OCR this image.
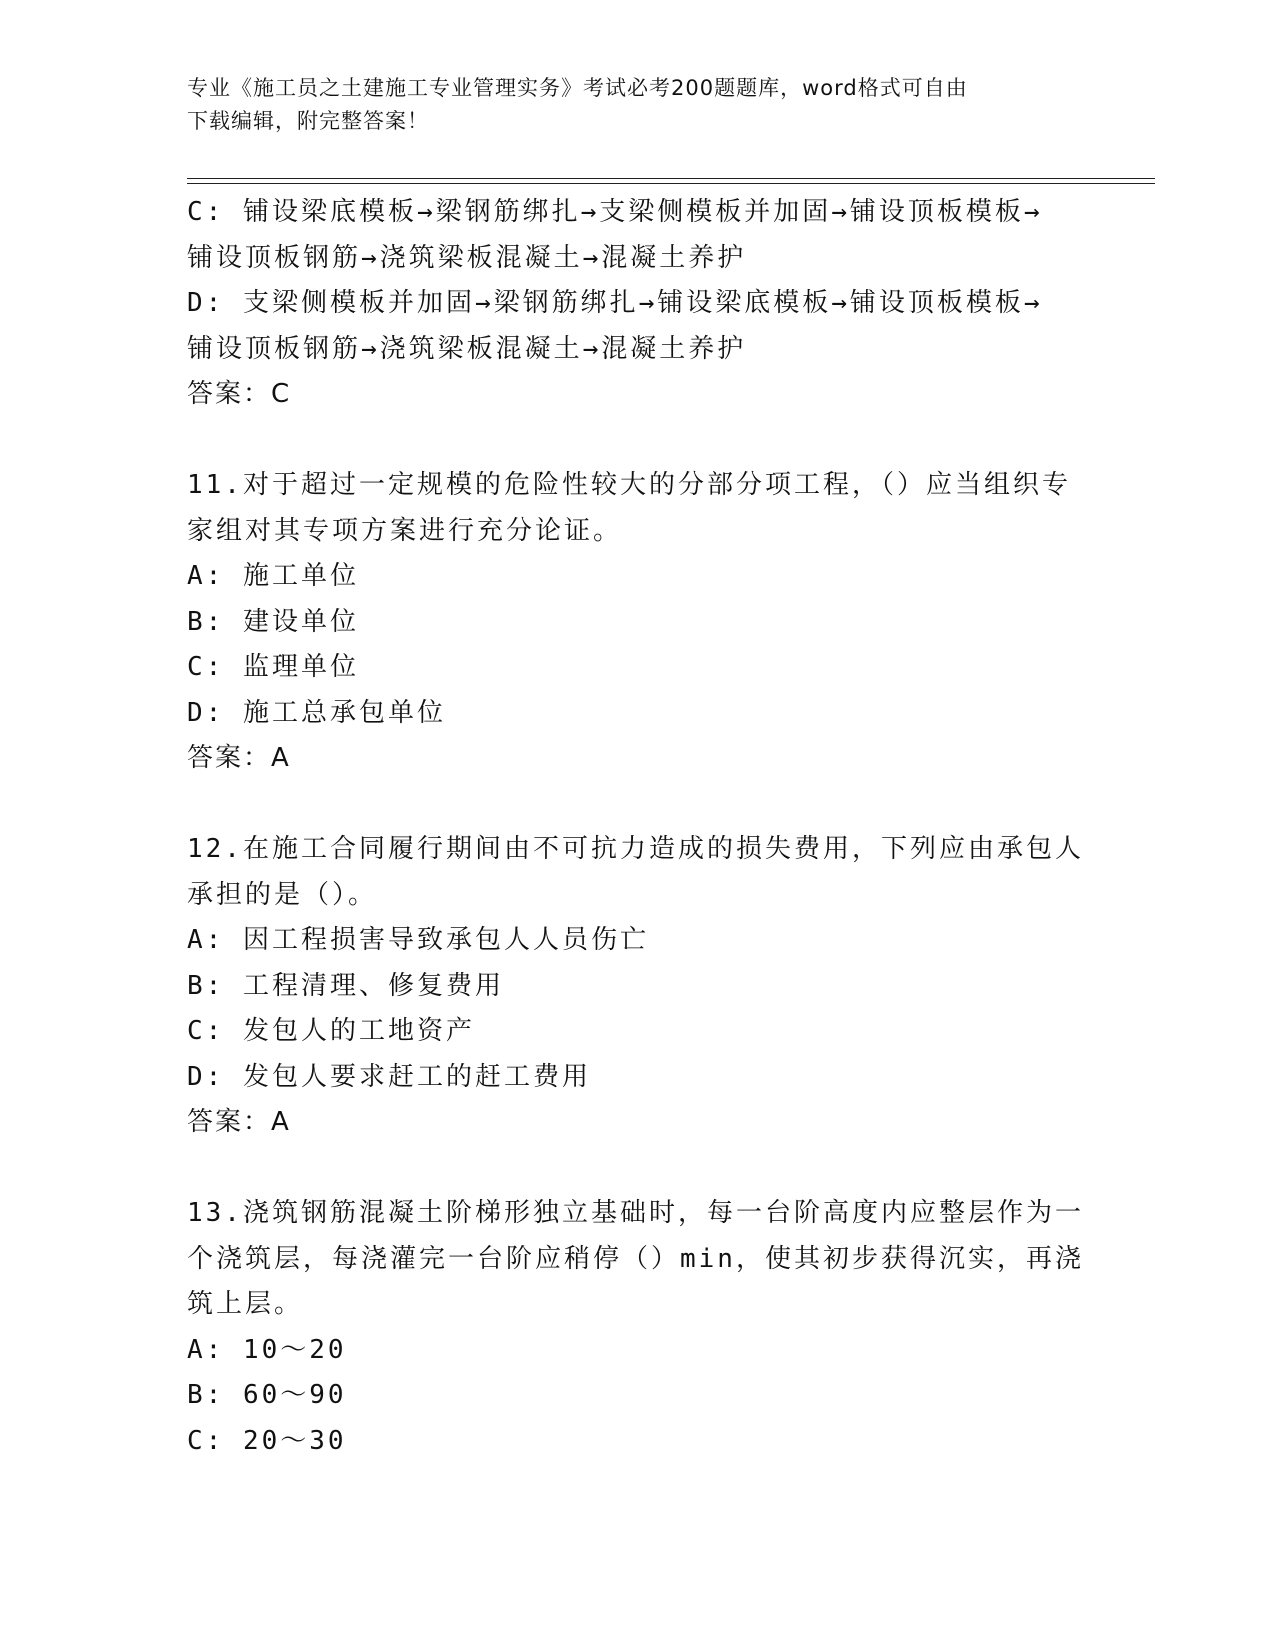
专业《施工员之土建施工专业管理实务》考试必考200题题库，word格式可自由
下载编辑，附完整答案！
C: 铺设梁底模板→梁钢筋绑扎→支梁侧模板并加固→铺设顶板模板→
铺设顶板钢筋→浇筑梁板混凝土→混凝土养护
D: 支梁侧模板并加固→梁钢筋绑扎→铺设梁底模板→铺设顶板模板→
铺设顶板钢筋→浇筑梁板混凝土→混凝土养护
答案：C
11.对于超过一定规模的危险性较大的分部分项工程，（）应当组织专
家组对其专项方案进行充分论证。
A: 施工单位
B: 建设单位
C: 监理单位
D: 施工总承包单位
答案：A
12.在施工合同履行期间由不可抗力造成的损失费用，下列应由承包人
承担的是（）。
A: 因工程损害导致承包人人员伤亡
B: 工程清理、修复费用
C: 发包人的工地资产
D: 发包人要求赶工的赶工费用
答案：A
13.浇筑钢筋混凝土阶梯形独立基础时，每一台阶高度内应整层作为一
个浇筑层，每浇灌完一台阶应稍停（）min，使其初步获得沉实，再浇
筑上层。
A: 10～20
B: 60～90
C: 20～30
